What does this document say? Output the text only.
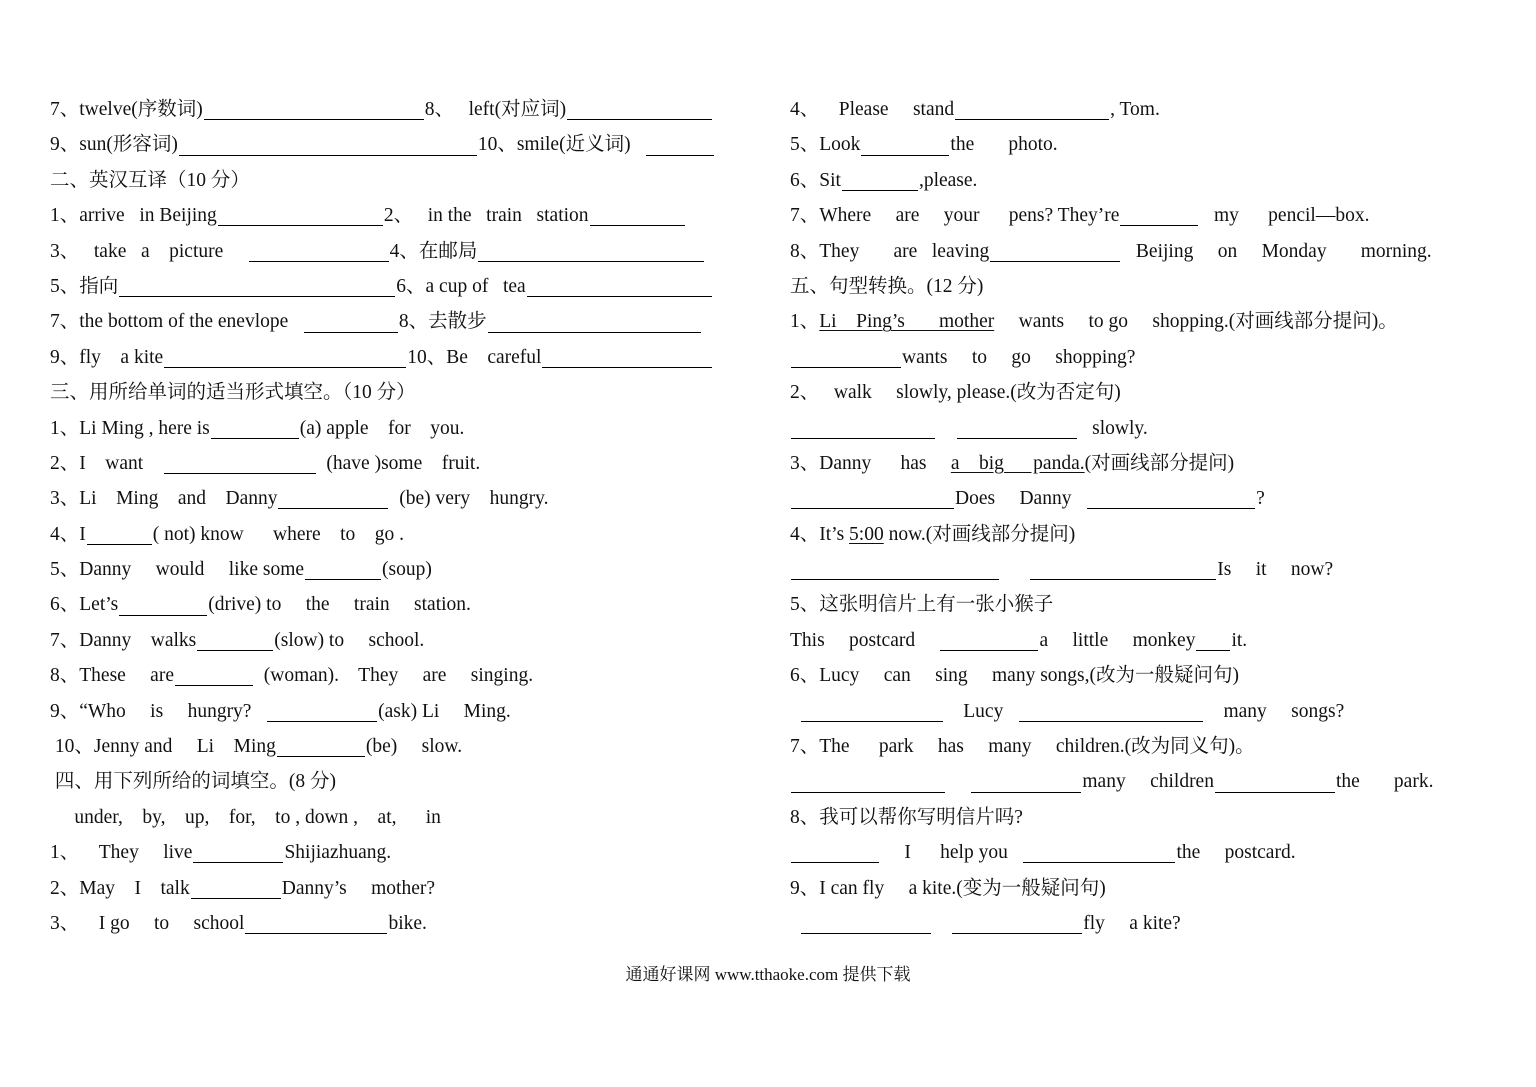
7、twelve(序数词)	8、   left(对应词)
9、sun(形容词)	10、smile(近义词)
二、英汉互译（10 分）
1、arrive   in Beijing	2、   in the   train   station
3、   take   a    picture	4、在邮局
5、指向	6、a cup of   tea
7、the bottom of the enevlope	8、去散步
9、fly    a kite	10、Be    careful
三、用所给单词的适当形式填空。（10 分）
1、Li Ming , here is	(a) apple    for    you.
2、I    want	(have )some    fruit.
3、Li    Ming    and    Danny	(be) very    hungry.
4、I	( not) know      where    to    go .
5、Danny     would     like some	(soup)
6、Let’s	(drive) to     the     train     station.
7、Danny    walks	(slow) to     school.
8、These     are	(woman).    They     are     singing.
9、“Who     is     hungry?	(ask) Li     Ming.
10、Jenny and     Li    Ming	(be)     slow.
四、用下列所给的词填空。(8 分)
under,    by,    up,    for,    to , down ,    at,      in
1、    They     live	Shijiazhuang.
2、May    I    talk	Danny’s     mother?
3、    I go     to     school	bike.
4、    Please     stand	, Tom.
5、Look	the       photo.
6、Sit	,please.
7、Where     are     your      pens? They’re	my      pencil—box.
8、They       are   leaving	Beijing     on     Monday       morning.
五、句型转换。(12 分)
1、 Li    Ping’s       mother wants     to go     shopping.(对画线部分提问)。
wants     to     go     shopping?
2、   walk     slowly, please.(改为否定句)

slowly.
3、Danny      has a    big      panda. (对画线部分提问)
Does     Danny	?
4、It’s 5:00 now.(对画线部分提问)

Is     it     now?
5、这张明信片上有一张小猴子
This     postcard	a     little     monkey it.
6、Lucy     can     sing     many songs,(改为一般疑问句)

Lucy	many     songs?
7、The      park     has     many     children.(改为同义句)。

many     children	the       park.
8、我可以帮你写明信片吗?
I      help you	the     postcard.
9、I can fly     a kite.(变为一般疑问句)

fly     a kite?
通通好课网 www.tthaoke.com 提供下载
